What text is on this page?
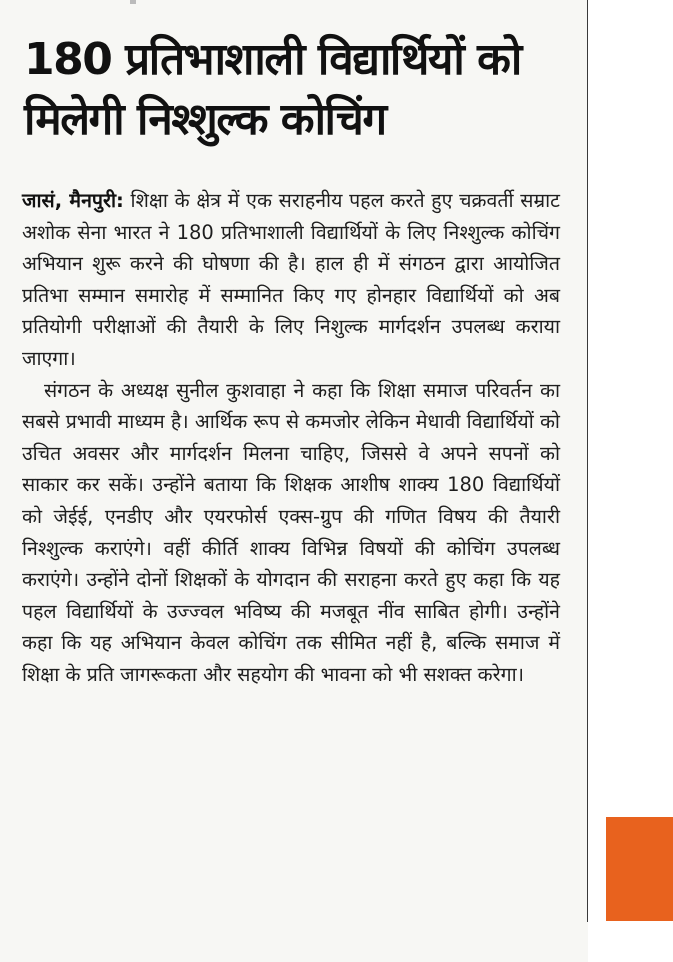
180 प्रतिभाशाली विद्यार्थियों को मिलेगी निश्शुल्क कोचिंग

जासं, मैनपुरी: शिक्षा के क्षेत्र में एक सराहनीय पहल करते हुए चक्रवर्ती सम्राट अशोक सेना भारत ने 180 प्रतिभाशाली विद्यार्थियों के लिए निश्शुल्क कोचिंग अभियान शुरू करने की घोषणा की है। हाल ही में संगठन द्वारा आयोजित प्रतिभा सम्मान समारोह में सम्मानित किए गए होनहार विद्यार्थियों को अब प्रतियोगी परीक्षाओं की तैयारी के लिए निशुल्क मार्गदर्शन उपलब्ध कराया जाएगा।

संगठन के अध्यक्ष सुनील कुशवाहा ने कहा कि शिक्षा समाज परिवर्तन का सबसे प्रभावी माध्यम है। आर्थिक रूप से कमजोर लेकिन मेधावी विद्यार्थियों को उचित अवसर और मार्गदर्शन मिलना चाहिए, जिससे वे अपने सपनों को साकार कर सकें। उन्होंने बताया कि शिक्षक आशीष शाक्य 180 विद्यार्थियों को जेईई, एनडीए और एयरफोर्स एक्स-ग्रुप की गणित विषय की तैयारी निश्शुल्क कराएंगे। वहीं कीर्ति शाक्य विभिन्न विषयों की कोचिंग उपलब्ध कराएंगे। उन्होंने दोनों शिक्षकों के योगदान की सराहना करते हुए कहा कि यह पहल विद्यार्थियों के उज्ज्वल भविष्य की मजबूत नींव साबित होगी। उन्होंने कहा कि यह अभियान केवल कोचिंग तक सीमित नहीं है, बल्कि समाज में शिक्षा के प्रति जागरूकता और सहयोग की भावना को भी सशक्त करेगा।
